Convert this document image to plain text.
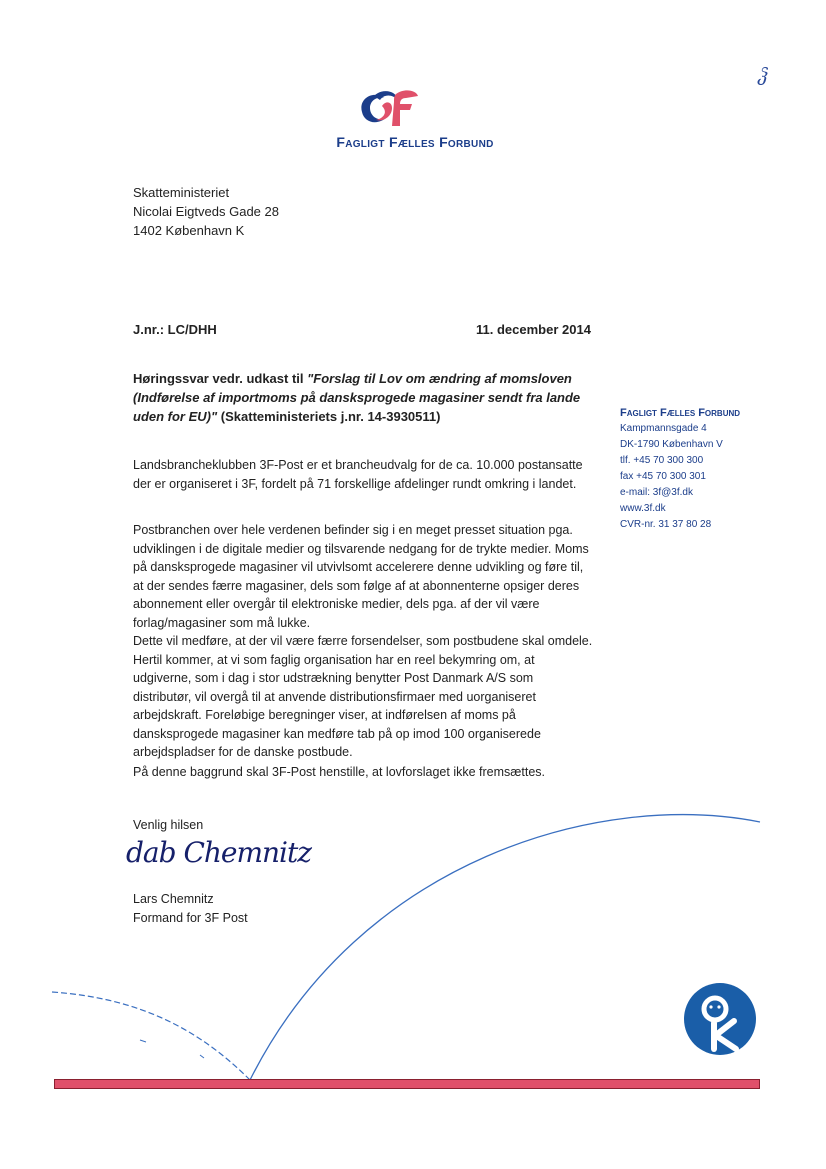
ჴ
Fagligt Fælles Forbund
Skatteministeriet
Nicolai Eigtveds Gade 28
1402 København K
J.nr.: LC/DHH	11. december 2014
Høringssvar vedr. udkast til "Forslag til Lov om ændring af momsloven (Indførelse af importmoms på dansksprogede magasiner sendt fra lande uden for EU)" (Skatteministeriets j.nr. 14-3930511)
Landsbrancheklubben 3F-Post er et brancheudvalg for de ca. 10.000 postansatte der er organiseret i 3F, fordelt på 71 forskellige afdelinger rundt omkring i landet.
Postbranchen over hele verdenen befinder sig i en meget presset situation pga. udviklingen i de digitale medier og tilsvarende nedgang for de trykte medier. Moms på dansksprogede magasiner vil utvivlsomt accelerere denne udvikling og føre til, at der sendes færre magasiner, dels som følge af at abonnenterne opsiger deres abonnement eller overgår til elektroniske medier, dels pga. af der vil være forlag/magasiner som må lukke.
Dette vil medføre, at der vil være færre forsendelser, som postbudene skal omdele. Hertil kommer, at vi som faglig organisation har en reel bekymring om, at udgiverne, som i dag i stor udstrækning benytter Post Danmark A/S som distributør, vil overgå til at anvende distributionsfirmaer med uorganiseret arbejdskraft. Foreløbige beregninger viser, at indførelsen af moms på dansksprogede magasiner kan medføre tab på op imod 100 organiserede arbejdspladser for de danske postbude.
På denne baggrund skal 3F-Post henstille, at lovforslaget ikke fremsættes.
Venlig hilsen
dab Chemnitz
Lars Chemnitz
Formand for 3F Post
Fagligt Fælles Forbund
Kampmannsgade 4
DK-1790 København V
tlf. +45 70 300 300
fax +45 70 300 301
e-mail: 3f@3f.dk
www.3f.dk
CVR-nr. 31 37 80 28
